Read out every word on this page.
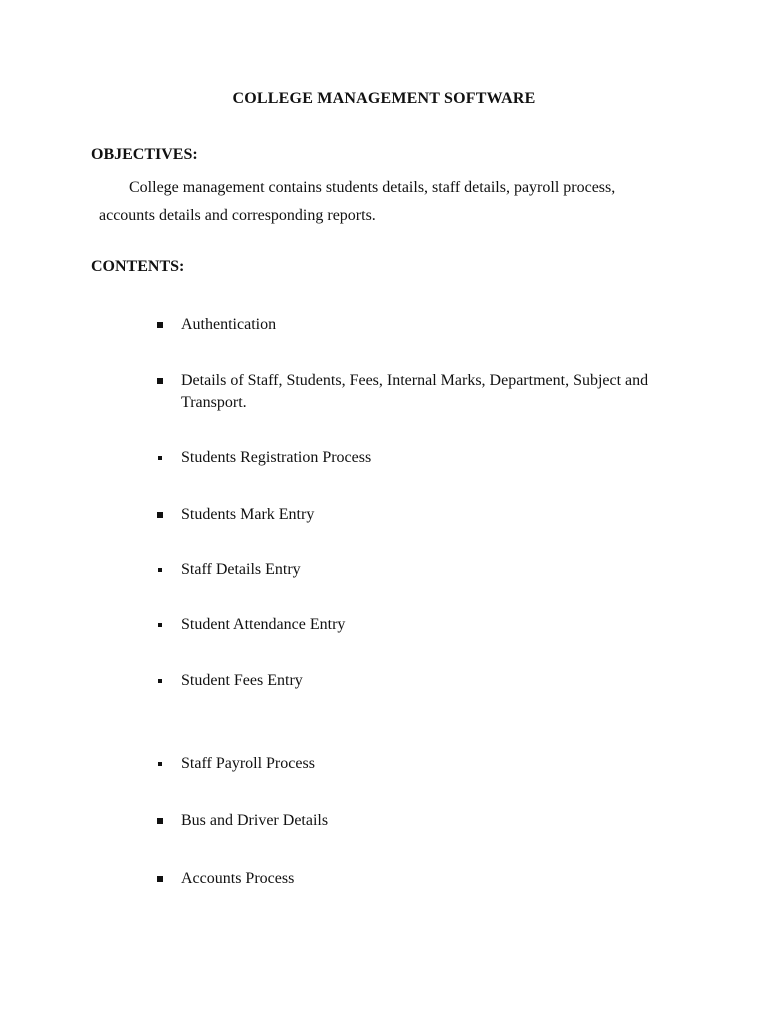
COLLEGE MANAGEMENT SOFTWARE
OBJECTIVES:
College management contains students details, staff details, payroll process,
accounts details and corresponding reports.
CONTENTS:
Authentication
Details of Staff, Students, Fees, Internal Marks, Department, Subject and Transport.
Students Registration Process
Students Mark Entry
Staff Details Entry
Student Attendance Entry
Student Fees Entry
Staff Payroll Process
Bus and Driver Details
Accounts Process
